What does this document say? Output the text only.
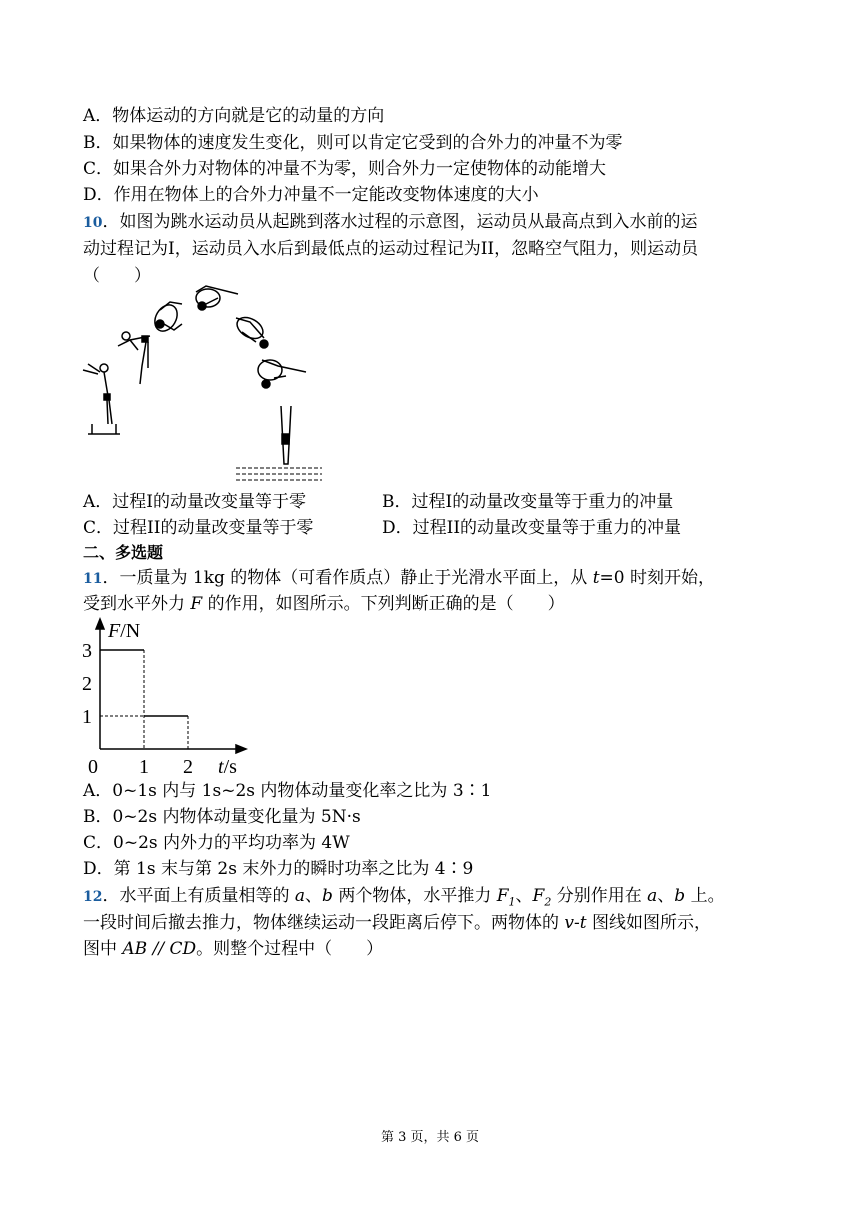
A．物体运动的方向就是它的动量的方向
B．如果物体的速度发生变化，则可以肯定它受到的合外力的冲量不为零
C．如果合外力对物体的冲量不为零，则合外力一定使物体的动能增大
D．作用在物体上的合外力冲量不一定能改变物体速度的大小
10．如图为跳水运动员从起跳到落水过程的示意图，运动员从最高点到入水前的运
动过程记为I，运动员入水后到最低点的运动过程记为II，忽略空气阻力，则运动员
（　　）
A．过程I的动量改变量等于零	B．过程I的动量改变量等于重力的冲量
C．过程II的动量改变量等于零	D．过程II的动量改变量等于重力的冲量
二、多选题
11．一质量为 1kg 的物体（可看作质点）静止于光滑水平面上，从 t=0 时刻开始，
受到水平外力 F 的作用，如图所示。下列判断正确的是（　　）
1 2
3
2
1
F/N
t/s
0
A．0~1s 内与 1s~2s 内物体动量变化率之比为 3∶1
B．0~2s 内物体动量变化量为 5N·s
C．0~2s 内外力的平均功率为 4W
D．第 1s 末与第 2s 末外力的瞬时功率之比为 4∶9
12．水平面上有质量相等的 a、b 两个物体，水平推力 $F_1$、$F_2$ 分别作用在 a、b 上。
一段时间后撤去推力，物体继续运动一段距离后停下。两物体的 v-t 图线如图所示，
图中 AB // CD。则整个过程中（　　）
第 3 页，共 6 页
